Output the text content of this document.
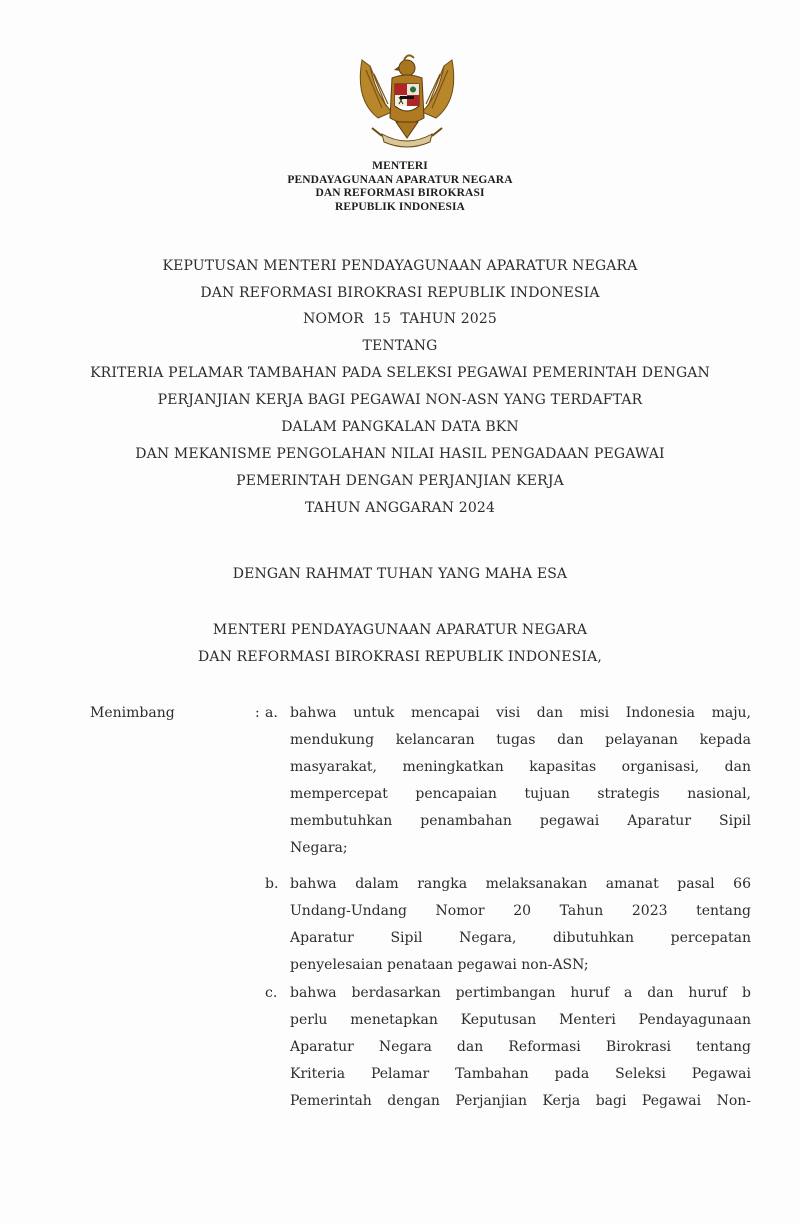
MENTERI
PENDAYAGUNAAN APARATUR NEGARA
DAN REFORMASI BIROKRASI
REPUBLIK INDONESIA
KEPUTUSAN MENTERI PENDAYAGUNAAN APARATUR NEGARA
DAN REFORMASI BIROKRASI REPUBLIK INDONESIA
NOMOR  15  TAHUN 2025
TENTANG
KRITERIA PELAMAR TAMBAHAN PADA SELEKSI PEGAWAI PEMERINTAH DENGAN
PERJANJIAN KERJA BAGI PEGAWAI NON-ASN YANG TERDAFTAR
DALAM PANGKALAN DATA BKN
DAN MEKANISME PENGOLAHAN NILAI HASIL PENGADAAN PEGAWAI
PEMERINTAH DENGAN PERJANJIAN KERJA
TAHUN ANGGARAN 2024
DENGAN RAHMAT TUHAN YANG MAHA ESA
MENTERI PENDAYAGUNAAN APARATUR NEGARA
DAN REFORMASI BIROKRASI REPUBLIK INDONESIA,
Menimbang	: a. bahwa untuk mencapai visi dan misi Indonesia maju,
mendukung kelancaran tugas dan pelayanan kepada
masyarakat, meningkatkan kapasitas organisasi, dan
mempercepat pencapaian tujuan strategis nasional,
membutuhkan penambahan pegawai Aparatur Sipil
Negara;
b. bahwa dalam rangka melaksanakan amanat pasal 66
Undang-Undang Nomor 20 Tahun 2023 tentang
Aparatur Sipil Negara, dibutuhkan percepatan
penyelesaian penataan pegawai non-ASN;
c. bahwa berdasarkan pertimbangan huruf a dan huruf b
perlu menetapkan Keputusan Menteri Pendayagunaan
Aparatur Negara dan Reformasi Birokrasi tentang
Kriteria Pelamar Tambahan pada Seleksi Pegawai
Pemerintah dengan Perjanjian Kerja bagi Pegawai Non-
